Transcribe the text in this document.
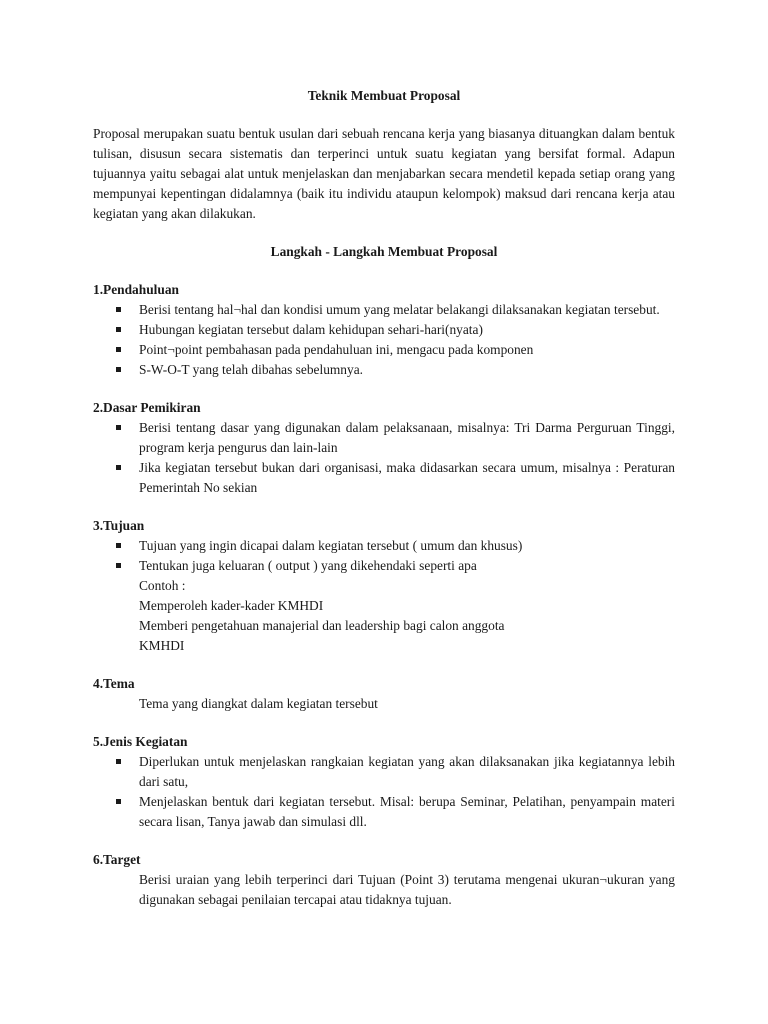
Teknik Membuat Proposal
Proposal merupakan suatu bentuk usulan dari sebuah rencana kerja yang biasanya dituangkan dalam bentuk tulisan, disusun secara sistematis dan terperinci untuk suatu kegiatan yang bersifat formal. Adapun tujuannya yaitu sebagai alat untuk menjelaskan dan menjabarkan secara mendetil kepada setiap orang yang mempunyai kepentingan didalamnya (baik itu individu ataupun kelompok) maksud dari rencana kerja atau kegiatan yang akan dilakukan.
Langkah - Langkah Membuat Proposal
1.Pendahuluan
Berisi tentang hal¬hal dan kondisi umum yang melatar belakangi dilaksanakan kegiatan tersebut.
Hubungan kegiatan tersebut dalam kehidupan sehari-hari(nyata)
Point¬point pembahasan pada pendahuluan ini, mengacu pada komponen
S-W-O-T yang telah dibahas sebelumnya.
2.Dasar Pemikiran
Berisi tentang dasar yang digunakan dalam pelaksanaan, misalnya: Tri Darma Perguruan Tinggi, program kerja pengurus dan lain-lain
Jika kegiatan tersebut bukan dari organisasi, maka didasarkan secara umum, misalnya : Peraturan Pemerintah No sekian
3.Tujuan
Tujuan yang ingin dicapai dalam kegiatan tersebut ( umum dan khusus)
Tentukan juga keluaran ( output ) yang dikehendaki seperti apa
Contoh :
Memperoleh kader-kader KMHDI
Memberi pengetahuan manajerial dan leadership bagi calon anggota
KMHDI
4.Tema
Tema yang diangkat dalam kegiatan tersebut
5.Jenis Kegiatan
Diperlukan untuk menjelaskan rangkaian kegiatan yang akan dilaksanakan jika kegiatannya lebih dari satu,
Menjelaskan bentuk dari kegiatan tersebut. Misal: berupa Seminar, Pelatihan, penyampain materi secara lisan, Tanya jawab dan simulasi dll.
6.Target
Berisi uraian yang lebih terperinci dari Tujuan (Point 3) terutama mengenai ukuran¬ukuran yang digunakan sebagai penilaian tercapai atau tidaknya tujuan.
